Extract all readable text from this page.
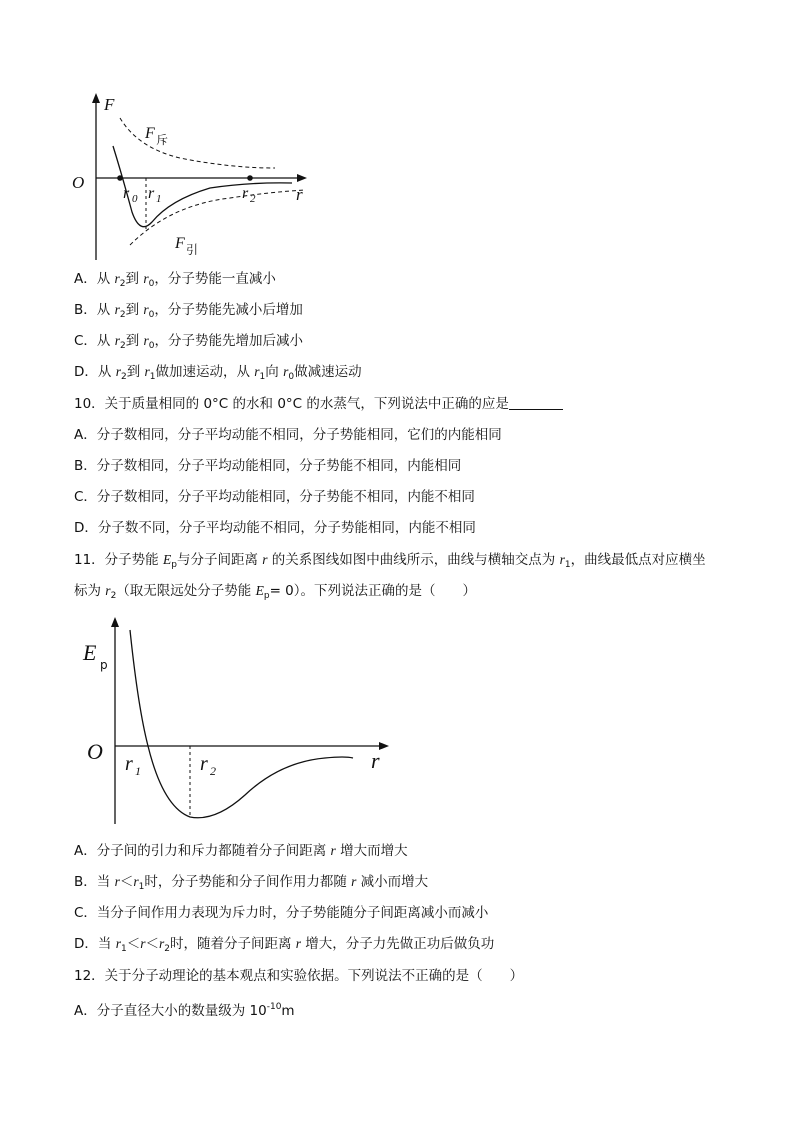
F
O
r
r 0 r 1	r 2
F 斥
F 引
A．从 $r_2$到 $r_0$，分子势能一直减小
B．从 $r_2$到 $r_0$，分子势能先减小后增加
C．从 $r_2$到 $r_0$，分子势能先增加后减小
D．从 $r_2$到 $r_1$做加速运动，从 $r_1$向 $r_0$做减速运动
10．关于质量相同的 0°C 的水和 0°C 的水蒸气，下列说法中正确的应是
A．分子数相同，分子平均动能不相同，分子势能相同，它们的内能相同
B．分子数相同，分子平均动能相同，分子势能不相同，内能相同
C．分子数相同，分子平均动能相同，分子势能不相同，内能不相同
D．分子数不同，分子平均动能不相同，分子势能相同，内能不相同
11．分子势能 $E_p$与分子间距离 r 的关系图线如图中曲线所示，曲线与横轴交点为 $r_1$，曲线最低点对应横坐
标为 $r_2$（取无限远处分子势能 $E_p= 0$）。下列说法正确的是（　　）
E p
O	r
r 1	r 2
A．分子间的引力和斥力都随着分子间距离 r 增大而增大
B．当 $r<r_1$时，分子势能和分子间作用力都随 r 减小而增大
C．当分子间作用力表现为斥力时，分子势能随分子间距离减小而减小
D．当 $r_1<r<r_2$时，随着分子间距离 r 增大，分子力先做正功后做负功
12．关于分子动理论的基本观点和实验依据。下列说法不正确的是（　　）
A．分子直径大小的数量级为 $10^{-10}m$
